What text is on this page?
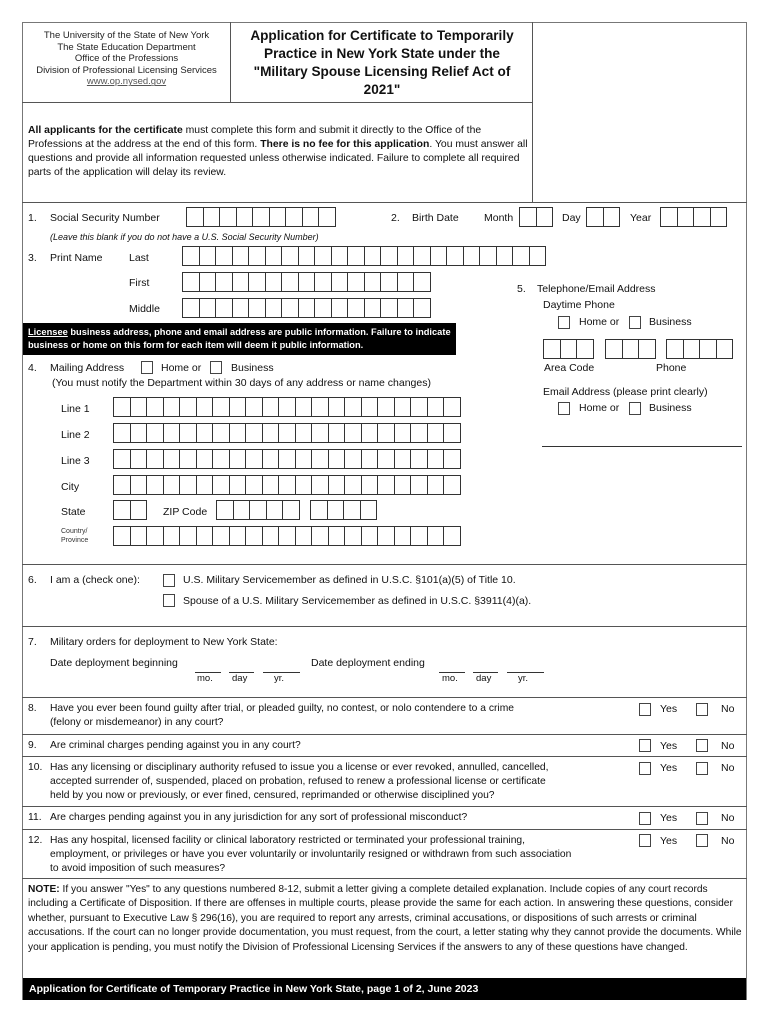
The University of the State of New York
The State Education Department
Office of the Professions
Division of Professional Licensing Services
www.op.nysed.gov
Application for Certificate to Temporarily Practice in New York State under the "Military Spouse Licensing Relief Act of 2021"
All applicants for the certificate must complete this form and submit it directly to the Office of the Professions at the address at the end of this form. There is no fee for this application. You must answer all questions and provide all information requested unless otherwise indicated. Failure to complete all required parts of the application will delay its review.
1. Social Security Number
(Leave this blank if you do not have a U.S. Social Security Number)
2. Birth Date Month	Day	Year
3. Print Name	Last
First
Middle
Licensee business address, phone and email address are public information. Failure to indicate business or home on this form for each item will deem it public information.
4. Mailing Address	Home or	Business
(You must notify the Department within 30 days of any address or name changes)
Line 1
Line 2
Line 3
City
State	ZIP Code
Country/
Province
5. Telephone/Email Address
Daytime Phone
Home or	Business
Area Code	Phone
Email Address (please print clearly)
Home or	Business
6. I am a (check one):	U.S. Military Servicemember as defined in U.S.C. §101(a)(5) of Title 10.
Spouse of a U.S. Military Servicemember as defined in U.S.C. §3911(4)(a).
7. Military orders for deployment to New York State:
Date deployment beginning
mo. day	yr.
Date deployment ending
mo. day	yr.
8. Have you ever been found guilty after trial, or pleaded guilty, no contest, or nolo contendere to a crime
(felony or misdemeanor) in any court?
Yes	No
9. Are criminal charges pending against you in any court?	Yes	No
10. Has any licensing or disciplinary authority refused to issue you a license or ever revoked, annulled, cancelled,
accepted surrender of, suspended, placed on probation, refused to renew a professional license or certificate
held by you now or previously, or ever fined, censured, reprimanded or otherwise disciplined you?
Yes	No
11. Are charges pending against you in any jurisdiction for any sort of professional misconduct?	Yes	No
12. Has any hospital, licensed facility or clinical laboratory restricted or terminated your professional training,
employment, or privileges or have you ever voluntarily or involuntarily resigned or withdrawn from such association
to avoid imposition of such measures?
Yes	No
NOTE: If you answer "Yes" to any questions numbered 8-12, submit a letter giving a complete detailed explanation. Include copies of any court records including a Certificate of Disposition. If there are offenses in multiple courts, please provide the same for each action. In answering these questions, consider whether, pursuant to Executive Law § 296(16), you are required to report any arrests, criminal accusations, or dispositions of such arrests or criminal accusations. If the court can no longer provide documentation, you must request, from the court, a letter stating why they cannot provide the documents. While your application is pending, you must notify the Division of Professional Licensing Services if the answers to any of these questions have changed.
Application for Certificate of Temporary Practice in New York State, page 1 of 2, June 2023
